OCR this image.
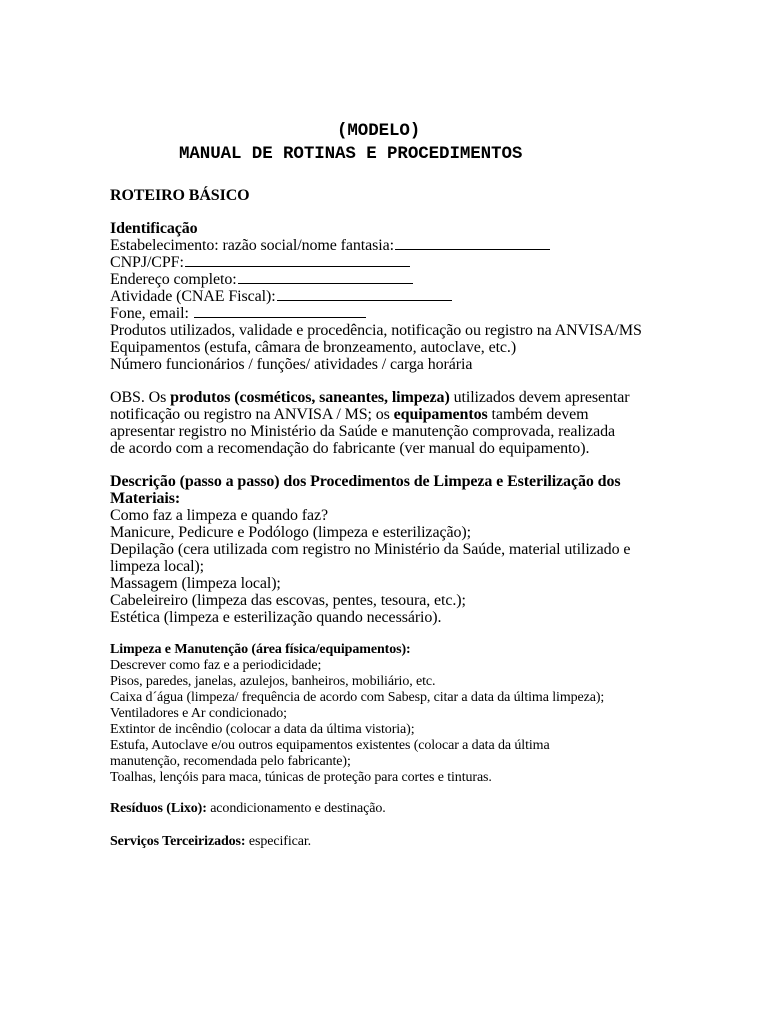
(MODELO)
MANUAL DE ROTINAS E PROCEDIMENTOS
ROTEIRO BÁSICO
Identificação
Estabelecimento: razão social/nome fantasia:
CNPJ/CPF:
Endereço completo:
Atividade (CNAE Fiscal):
Fone, email:
Produtos utilizados, validade e procedência, notificação ou registro na ANVISA/MS
Equipamentos (estufa, câmara de bronzeamento, autoclave, etc.)
Número funcionários / funções/ atividades / carga horária
OBS. Os produtos (cosméticos, saneantes, limpeza) utilizados devem apresentar
notificação ou registro na ANVISA / MS; os equipamentos também devem
apresentar registro no Ministério da Saúde e manutenção comprovada, realizada
de acordo com a recomendação do fabricante (ver manual do equipamento).
Descrição (passo a passo) dos Procedimentos de Limpeza e Esterilização dos
Materiais:
Como faz a limpeza e quando faz?
Manicure, Pedicure e Podólogo (limpeza e esterilização);
Depilação (cera utilizada com registro no Ministério da Saúde, material utilizado e
limpeza local);
Massagem (limpeza local);
Cabeleireiro (limpeza das escovas, pentes, tesoura, etc.);
Estética (limpeza e esterilização quando necessário).
Limpeza e Manutenção (área física/equipamentos):
Descrever como faz e a periodicidade;
Pisos, paredes, janelas, azulejos, banheiros, mobiliário, etc.
Caixa d´água (limpeza/ frequência de acordo com Sabesp, citar a data da última limpeza);
Ventiladores e Ar condicionado;
Extintor de incêndio (colocar a data da última vistoria);
Estufa, Autoclave e/ou outros equipamentos existentes (colocar a data da última
manutenção, recomendada pelo fabricante);
Toalhas, lençóis para maca, túnicas de proteção para cortes e tinturas.
Resíduos (Lixo): acondicionamento e destinação.
Serviços Terceirizados: especificar.
